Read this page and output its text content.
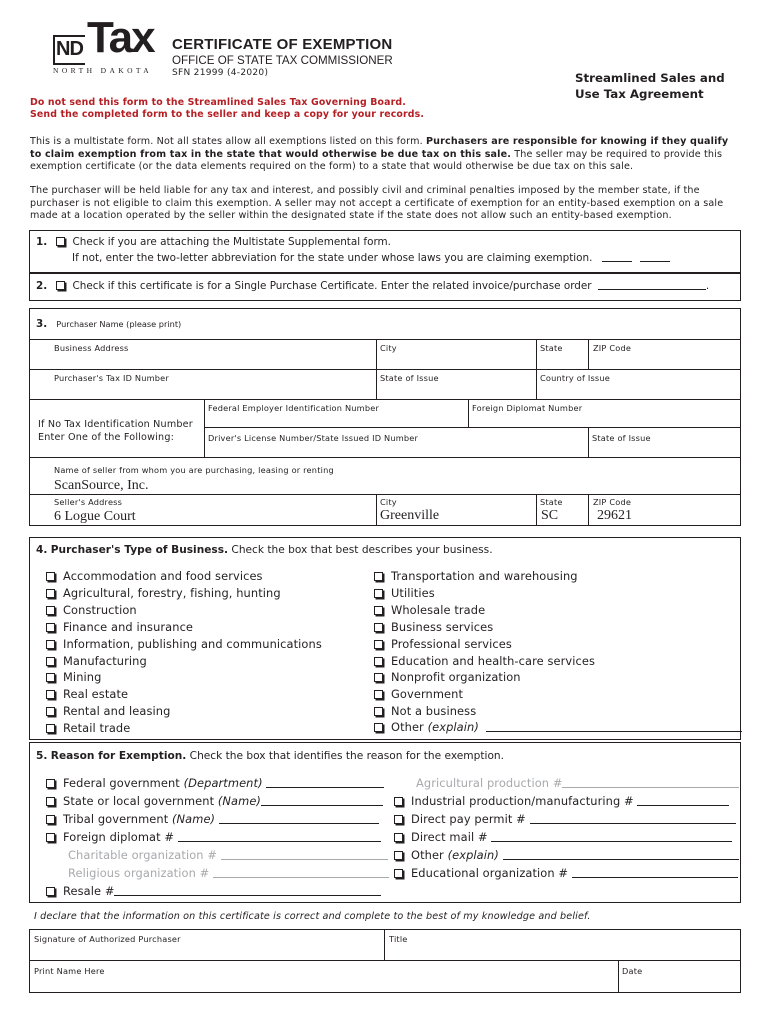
ND Tax
NORTH DAKOTA
CERTIFICATE OF EXEMPTION
OFFICE OF STATE TAX COMMISSIONER
SFN 21999 (4-2020)	Streamlined Sales and
Use Tax Agreement
Do not send this form to the Streamlined Sales Tax Governing Board.
Send the completed form to the seller and keep a copy for your records.
This is a multistate form. Not all states allow all exemptions listed on this form. Purchasers are responsible for knowing if they qualify to claim exemption from tax in the state that would otherwise be due tax on this sale. The seller may be required to provide this exemption certificate (or the data elements required on the form) to a state that would otherwise be due tax on this sale.
The purchaser will be held liable for any tax and interest, and possibly civil and criminal penalties imposed by the member state, if the purchaser is not eligible to claim this exemption. A seller may not accept a certificate of exemption for an entity-based exemption on a sale made at a location operated by the seller within the designated state if the state does not allow such an entity-based exemption.
1. Check if you are attaching the Multistate Supplemental form.
If not, enter the two-letter abbreviation for the state under whose laws you are claiming exemption.
2. Check if this certificate is for a Single Purchase Certificate. Enter the related invoice/purchase order	.
3. Purchaser Name (please print)
Business Address	City	State	ZIP Code
Purchaser's Tax ID Number	State of Issue	Country of Issue
Federal Employer Identification Number	Foreign Diplomat Number
If No Tax Identification Number
Enter One of the Following:	Driver's License Number/State Issued ID Number	State of Issue
Name of seller from whom you are purchasing, leasing or renting
ScanSource, Inc.
Seller's Address	City	State	ZIP Code
6 Logue Court	Greenville	SC	29621
4. Purchaser's Type of Business. Check the box that best describes your business.
Accommodation and food services
Agricultural, forestry, fishing, hunting
Construction
Finance and insurance
Information, publishing and communications
Manufacturing
Mining
Real estate
Rental and leasing
Retail trade
Transportation and warehousing
Utilities
Wholesale trade
Business services
Professional services
Education and health-care services
Nonprofit organization
Government
Not a business
Other (explain)
5. Reason for Exemption. Check the box that identifies the reason for the exemption.
Federal government (Department)
State or local government (Name)
Tribal government (Name)
Foreign diplomat #
Charitable organization #
Religious organization #
Resale #
Agricultural production #
Industrial production/manufacturing #
Direct pay permit #
Direct mail #
Other (explain)
Educational organization #
I declare that the information on this certificate is correct and complete to the best of my knowledge and belief.
Signature of Authorized Purchaser	Title
Print Name Here	Date
